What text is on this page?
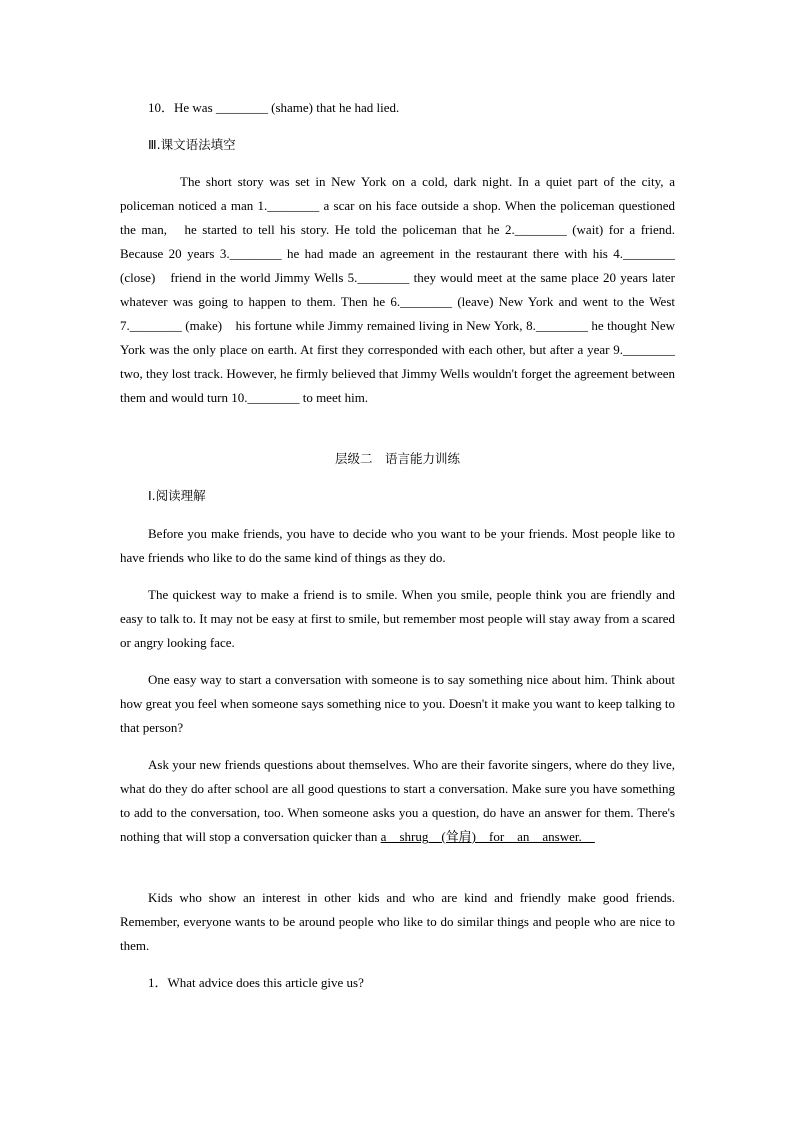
10．He was ________ (shame) that he had lied.
Ⅲ.课文语法填空
The short story was set in New York on a cold, dark night. In a quiet part of the city, a policeman noticed a man 1.________ a scar on his face outside a shop. When the policeman questioned the man,　he started to tell his story. He told the policeman that he 2.________ (wait) for a friend. Because 20 years 3.________ he had made an agreement in the restaurant there with his 4.________ (close)　friend in the world Jimmy Wells 5.________ they would meet at the same place 20 years later whatever was going to happen to them. Then he 6.________ (leave) New York and went to the West 7.________ (make)　his fortune while Jimmy remained living in New York, 8.________ he thought New York was the only place on earth. At first they corresponded with each other, but after a year 9.________　two, they lost track. However, he firmly believed that Jimmy Wells wouldn't forget the agreement between them and would turn 10.________ to meet him.
层级二　语言能力训练
Ⅰ.阅读理解
Before you make friends, you have to decide who you want to be your friends. Most people like to have friends who like to do the same kind of things as they do.
The quickest way to make a friend is to smile. When you smile, people think you are friendly and easy to talk to. It may not be easy at first to smile, but remember most people will stay away from a scared or angry looking face.
One easy way to start a conversation with someone is to say something nice about him. Think about how great you feel when someone says something nice to you. Doesn't it make you want to keep talking to that person?
Ask your new friends questions about themselves. Who are their favorite singers, where do they live, what do they do after school are all good questions to start a conversation. Make sure you have something to add to the conversation, too. When someone asks you a question, do have an answer for them. There's nothing that will stop a conversation quicker than a__shrug__(耸肩)__for__an__answer.__
Kids who show an interest in other kids and who are kind and friendly make good friends. Remember, everyone wants to be around people who like to do similar things and people who are nice to them.
1．What advice does this article give us?
